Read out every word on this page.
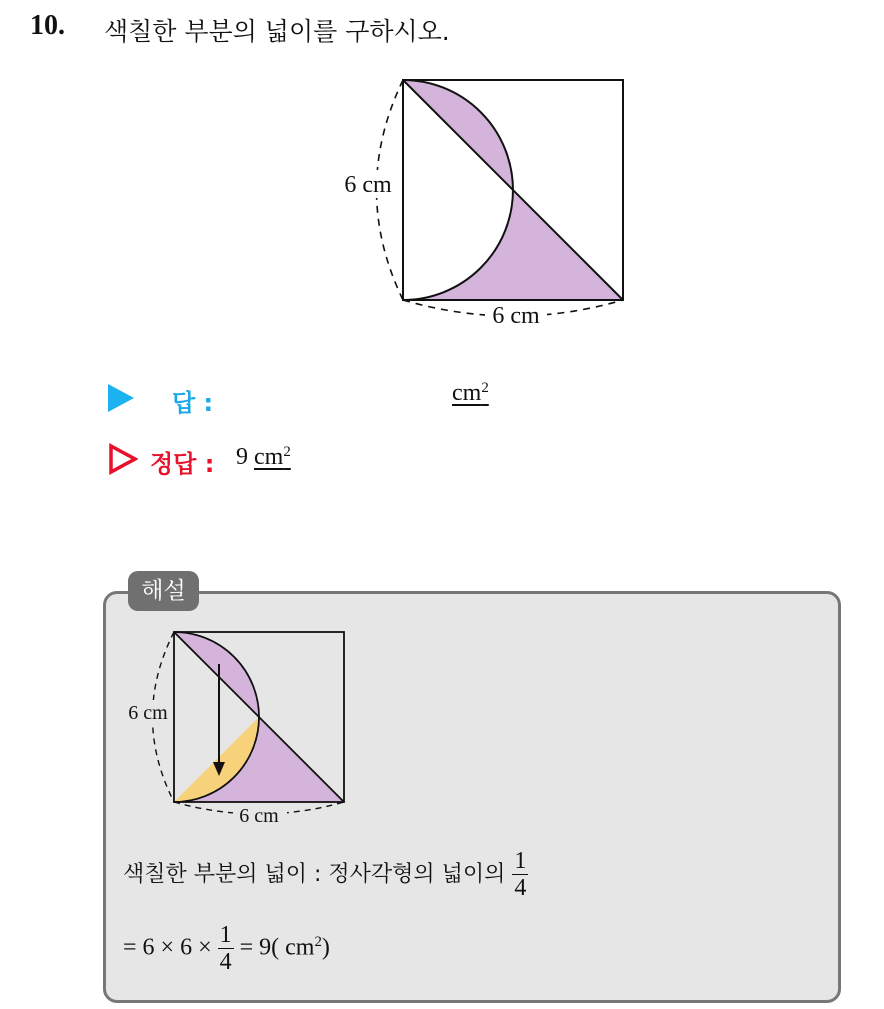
10. 색칠한 부분의 넓이를 구하시오.
6 cm
6 cm
답 :	$cm^2$
정답 : 9 $cm^2$
해설
6 cm
6 cm
색칠한 부분의 넓이 : 정사각형의 넓이의 $\frac{1}{4}$
= $6 \times 6 \times \frac{1}{4} = 9$( $cm^2$)
